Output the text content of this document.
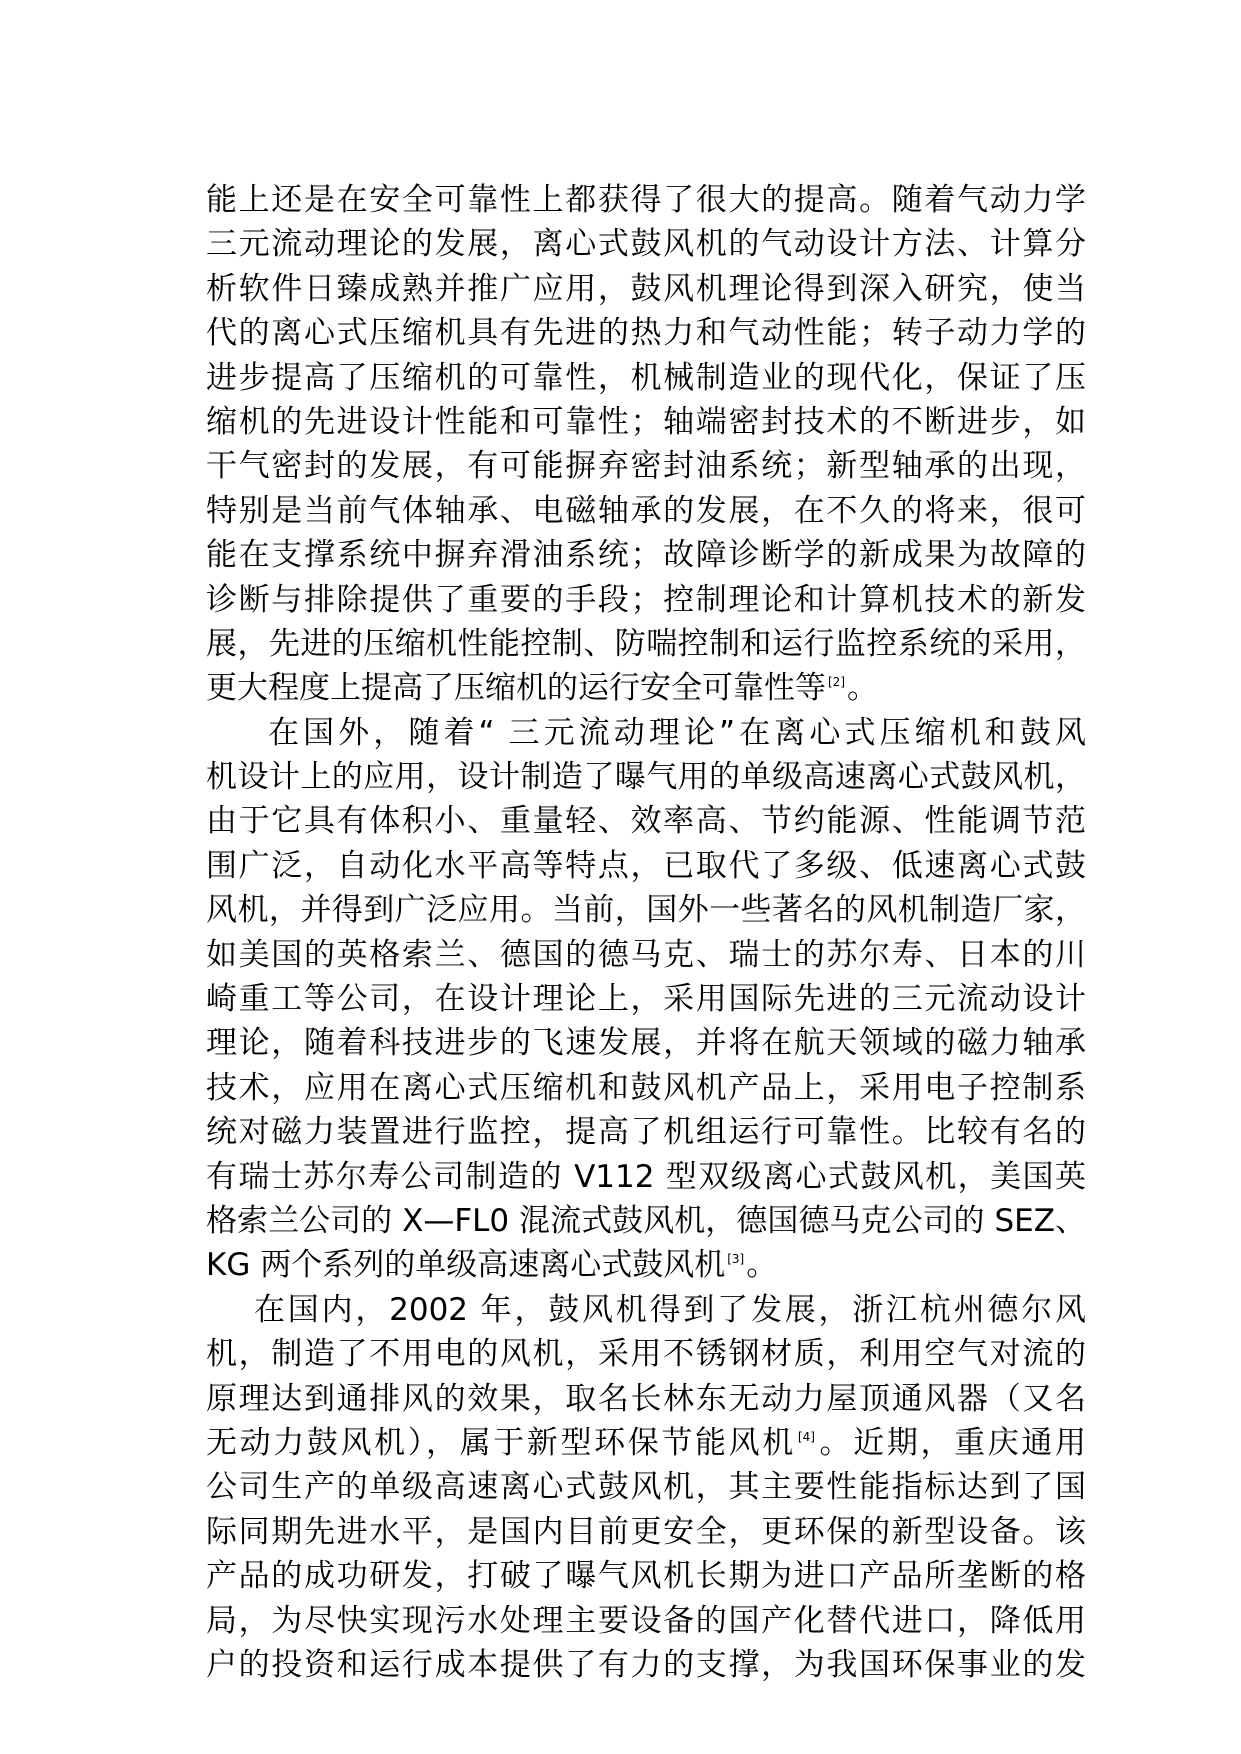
能上还是在安全可靠性上都获得了很大的提高。随着气动力学
三元流动理论的发展，离心式鼓风机的气动设计方法、计算分
析软件日臻成熟并推广应用，鼓风机理论得到深入研究，使当
代的离心式压缩机具有先进的热力和气动性能；转子动力学的
进步提高了压缩机的可靠性，机械制造业的现代化，保证了压
缩机的先进设计性能和可靠性；轴端密封技术的不断进步，如
干气密封的发展，有可能摒弃密封油系统；新型轴承的出现，
特别是当前气体轴承、电磁轴承的发展，在不久的将来，很可
能在支撑系统中摒弃滑油系统；故障诊断学的新成果为故障的
诊断与排除提供了重要的手段；控制理论和计算机技术的新发
展，先进的压缩机性能控制、防喘控制和运行监控系统的采用，
更大程度上提高了压缩机的运行安全可靠性等 [2]。
在国外，随着“ 三元流动理论”在离心式压缩机和鼓风
机设计上的应用，设计制造了曝气用的单级高速离心式鼓风机，
由于它具有体积小、重量轻、效率高、节约能源、性能调节范
围广泛，自动化水平高等特点，已取代了多级、低速离心式鼓
风机，并得到广泛应用。当前，国外一些著名的风机制造厂家，
如美国的英格索兰、德国的德马克、瑞士的苏尔寿、日本的川
崎重工等公司，在设计理论上，采用国际先进的三元流动设计
理论，随着科技进步的飞速发展，并将在航天领域的磁力轴承
技术，应用在离心式压缩机和鼓风机产品上，采用电子控制系
统对磁力装置进行监控，提高了机组运行可靠性。比较有名的
有瑞士苏尔寿公司制造的 V112 型双级离心式鼓风机，美国英
格索兰公司的 X—FL0 混流式鼓风机，德国德马克公司的 SEZ、
KG 两个系列的单级高速离心式鼓风机 [3]。
在国内，2002 年，鼓风机得到了发展，浙江杭州德尔风
机，制造了不用电的风机，采用不锈钢材质，利用空气对流的
原理达到通排风的效果，取名长林东无动力屋顶通风器（又名
无动力鼓风机），属于新型环保节能风机 [4]。近期，重庆通用
公司生产的单级高速离心式鼓风机，其主要性能指标达到了国
际同期先进水平，是国内目前更安全，更环保的新型设备。该
产品的成功研发，打破了曝气风机长期为进口产品所垄断的格
局，为尽快实现污水处理主要设备的国产化替代进口，降低用
户的投资和运行成本提供了有力的支撑，为我国环保事业的发
